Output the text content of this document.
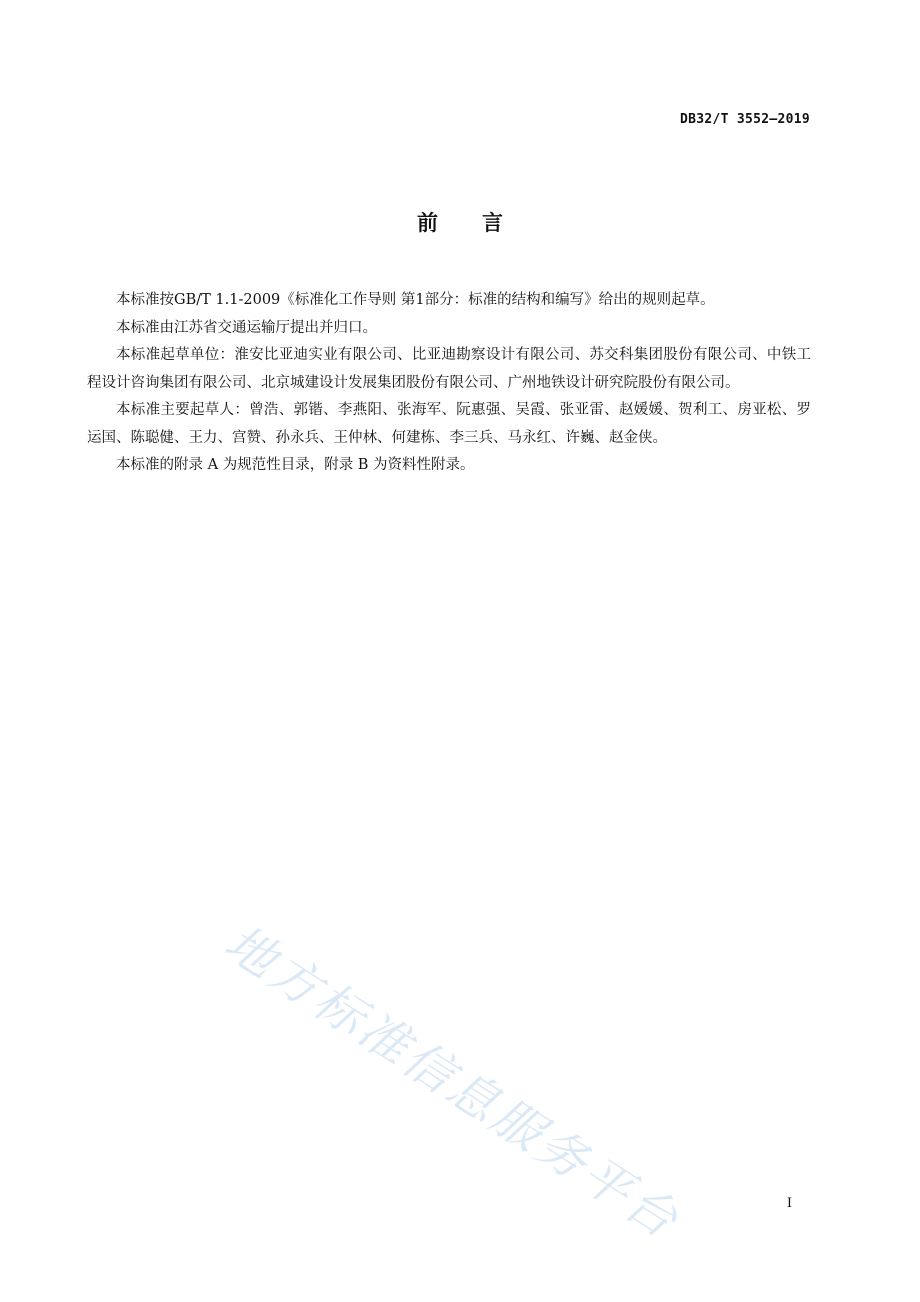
DB32/T 3552—2019
前言

本标准按GB/T 1.1-2009《标准化工作导则 第1部分：标准的结构和编写》给出的规则起草。

本标准由江苏省交通运输厅提出并归口。

本标准起草单位：淮安比亚迪实业有限公司、比亚迪勘察设计有限公司、苏交科集团股份有限公司、中铁工程设计咨询集团有限公司、北京城建设计发展集团股份有限公司、广州地铁设计研究院股份有限公司。

本标准主要起草人：曾浩、郭锴、李燕阳、张海军、阮惠强、吴霞、张亚雷、赵媛媛、贺利工、房亚松、罗运国、陈聪健、王力、宫赞、孙永兵、王仲林、何建栋、李三兵、马永红、许巍、赵金侠。

本标准的附录 A 为规范性目录，附录 B 为资料性附录。

地方标准信息服务平台	I
